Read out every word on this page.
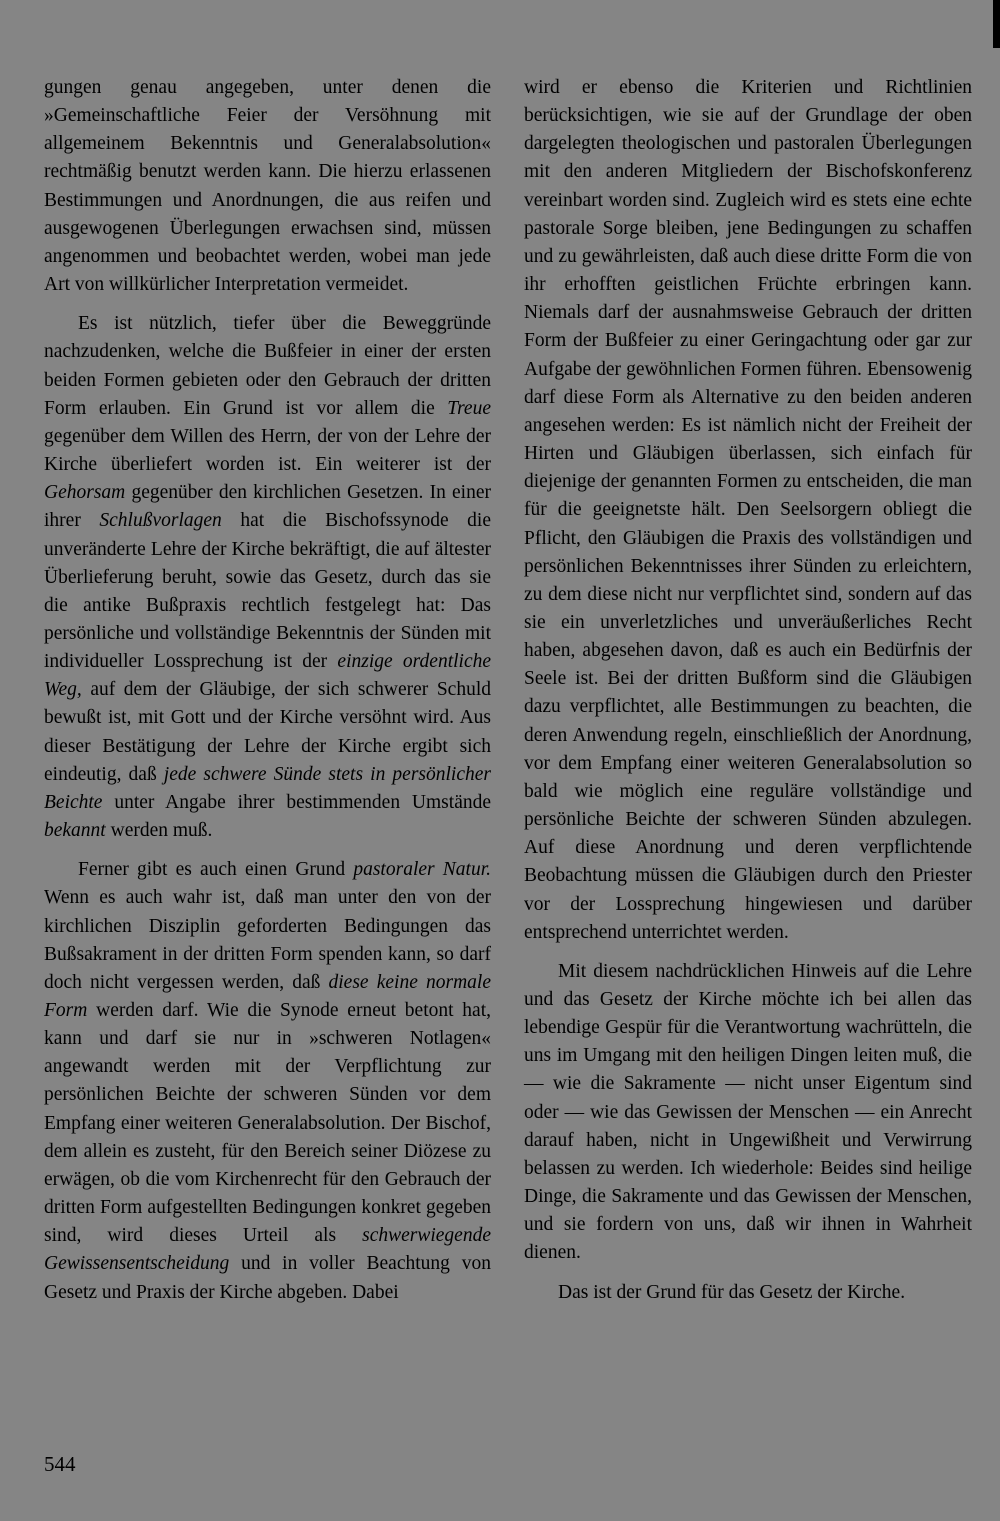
gungen genau angegeben, unter denen die »Gemeinschaftliche Feier der Versöhnung mit allgemeinem Bekenntnis und Generalabsolution« rechtmäßig benutzt werden kann. Die hierzu erlassenen Bestimmungen und Anordnungen, die aus reifen und ausgewogenen Überlegungen erwachsen sind, müssen angenommen und beobachtet werden, wobei man jede Art von willkürlicher Interpretation vermeidet.

Es ist nützlich, tiefer über die Beweggründe nachzudenken, welche die Bußfeier in einer der ersten beiden Formen gebieten oder den Gebrauch der dritten Form erlauben. Ein Grund ist vor allem die Treue gegenüber dem Willen des Herrn, der von der Lehre der Kirche überliefert worden ist. Ein weiterer ist der Gehorsam gegenüber den kirchlichen Gesetzen. In einer ihrer Schlußvorlagen hat die Bischofssynode die unveränderte Lehre der Kirche bekräftigt, die auf ältester Überlieferung beruht, sowie das Gesetz, durch das sie die antike Bußpraxis rechtlich festgelegt hat: Das persönliche und vollständige Bekenntnis der Sünden mit individueller Lossprechung ist der einzige ordentliche Weg, auf dem der Gläubige, der sich schwerer Schuld bewußt ist, mit Gott und der Kirche versöhnt wird. Aus dieser Bestätigung der Lehre der Kirche ergibt sich eindeutig, daß jede schwere Sünde stets in persönlicher Beichte unter Angabe ihrer bestimmenden Umstände bekannt werden muß.

Ferner gibt es auch einen Grund pastoraler Natur. Wenn es auch wahr ist, daß man unter den von der kirchlichen Disziplin geforderten Bedingungen das Bußsakrament in der dritten Form spenden kann, so darf doch nicht vergessen werden, daß diese keine normale Form werden darf. Wie die Synode erneut betont hat, kann und darf sie nur in »schweren Notlagen« angewandt werden mit der Verpflichtung zur persönlichen Beichte der schweren Sünden vor dem Empfang einer weiteren Generalabsolution. Der Bischof, dem allein es zusteht, für den Bereich seiner Diözese zu erwägen, ob die vom Kirchenrecht für den Gebrauch der dritten Form aufgestellten Bedingungen konkret gegeben sind, wird dieses Urteil als schwerwiegende Gewissensentscheidung und in voller Beachtung von Gesetz und Praxis der Kirche abgeben. Dabei

wird er ebenso die Kriterien und Richtlinien berücksichtigen, wie sie auf der Grundlage der oben dargelegten theologischen und pastoralen Überlegungen mit den anderen Mitgliedern der Bischofskonferenz vereinbart worden sind. Zugleich wird es stets eine echte pastorale Sorge bleiben, jene Bedingungen zu schaffen und zu gewährleisten, daß auch diese dritte Form die von ihr erhofften geistlichen Früchte erbringen kann. Niemals darf der ausnahmsweise Gebrauch der dritten Form der Bußfeier zu einer Geringachtung oder gar zur Aufgabe der gewöhnlichen Formen führen. Ebensowenig darf diese Form als Alternative zu den beiden anderen angesehen werden: Es ist nämlich nicht der Freiheit der Hirten und Gläubigen überlassen, sich einfach für diejenige der genannten Formen zu entscheiden, die man für die geeignetste hält. Den Seelsorgern obliegt die Pflicht, den Gläubigen die Praxis des vollständigen und persönlichen Bekenntnisses ihrer Sünden zu erleichtern, zu dem diese nicht nur verpflichtet sind, sondern auf das sie ein unverletzliches und unveräußerliches Recht haben, abgesehen davon, daß es auch ein Bedürfnis der Seele ist. Bei der dritten Bußform sind die Gläubigen dazu verpflichtet, alle Bestimmungen zu beachten, die deren Anwendung regeln, einschließlich der Anordnung, vor dem Empfang einer weiteren Generalabsolution so bald wie möglich eine reguläre vollständige und persönliche Beichte der schweren Sünden abzulegen. Auf diese Anordnung und deren verpflichtende Beobachtung müssen die Gläubigen durch den Priester vor der Lossprechung hingewiesen und darüber entsprechend unterrichtet werden.

Mit diesem nachdrücklichen Hinweis auf die Lehre und das Gesetz der Kirche möchte ich bei allen das lebendige Gespür für die Verantwortung wachrütteln, die uns im Umgang mit den heiligen Dingen leiten muß, die — wie die Sakramente — nicht unser Eigentum sind oder — wie das Gewissen der Menschen — ein Anrecht darauf haben, nicht in Ungewißheit und Verwirrung belassen zu werden. Ich wiederhole: Beides sind heilige Dinge, die Sakramente und das Gewissen der Menschen, und sie fordern von uns, daß wir ihnen in Wahrheit dienen.

Das ist der Grund für das Gesetz der Kirche.

544
